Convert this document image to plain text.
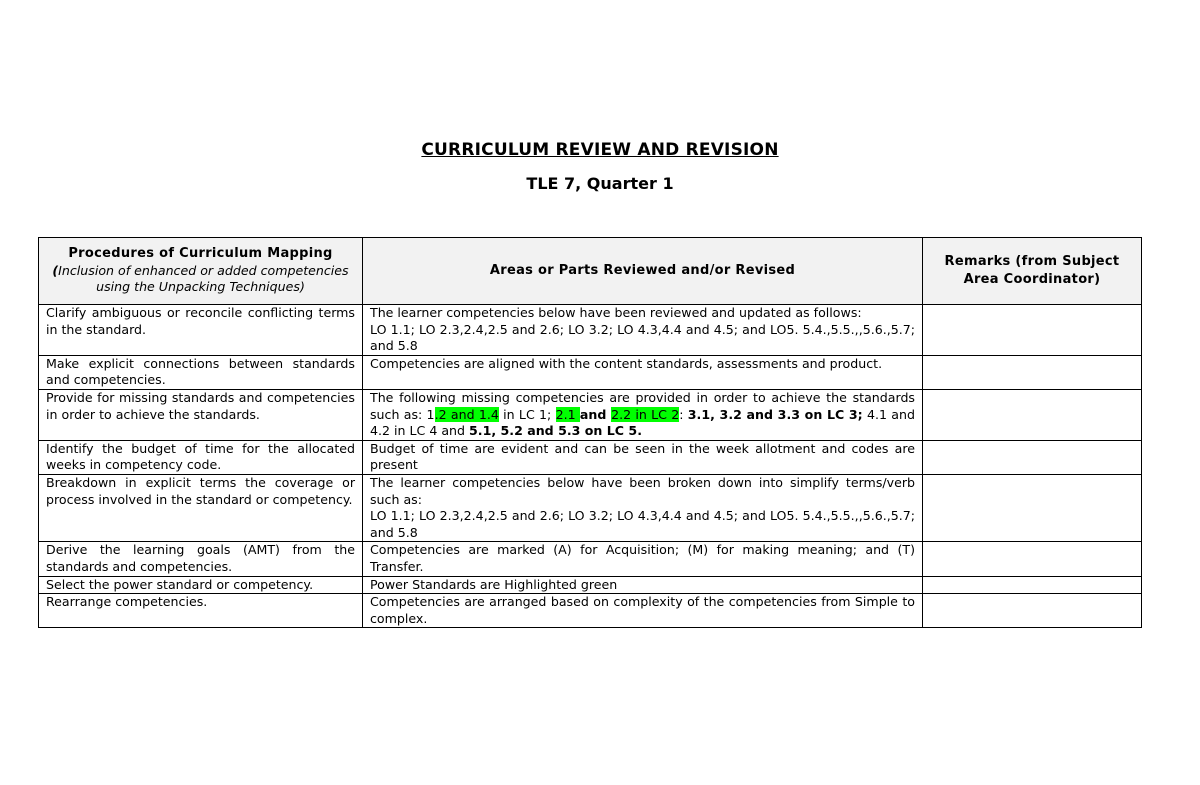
CURRICULUM REVIEW AND REVISION
TLE 7, Quarter 1
Procedures of Curriculum Mapping
(Inclusion of enhanced or added competencies using the Unpacking Techniques)	Areas or Parts Reviewed and/or Revised	Remarks (from Subject Area Coordinator)
Clarify ambiguous or reconcile conflicting terms in the standard.	The learner competencies below have been reviewed and updated as follows:
LO 1.1; LO 2.3,2.4,2.5 and 2.6; LO 3.2; LO 4.3,4.4 and 4.5; and LO5. 5.4.,5.5.,,5.6.,5.7; and 5.8	

Make explicit connections between standards and competencies.	Competencies are aligned with the content standards, assessments and product.	
Provide for missing standards and competencies in order to achieve the standards.	The following missing competencies are provided in order to achieve the standards such as: 1.2 and 1.4 in LC 1; 2.1 and 2.2 in LC 2: 3.1, 3.2 and 3.3 on LC 3; 4.1 and 4.2 in LC 4 and 5.1, 5.2 and 5.3 on LC 5.	
Identify the budget of time for the allocated weeks in competency code.	Budget of time are evident and can be seen in the week allotment and codes are present	
Breakdown in explicit terms the coverage or process involved in the standard or competency.	The learner competencies below have been broken down into simplify terms/verb such as:
LO 1.1; LO 2.3,2.4,2.5 and 2.6; LO 3.2; LO 4.3,4.4 and 4.5; and LO5. 5.4.,5.5.,,5.6.,5.7; and 5.8	

Derive the learning goals (AMT) from the standards and competencies.	Competencies are marked (A) for Acquisition; (M) for making meaning; and (T) Transfer.	
Select the power standard or competency.	Power Standards are Highlighted green	
Rearrange competencies.	Competencies are arranged based on complexity of the competencies from Simple to complex.	
